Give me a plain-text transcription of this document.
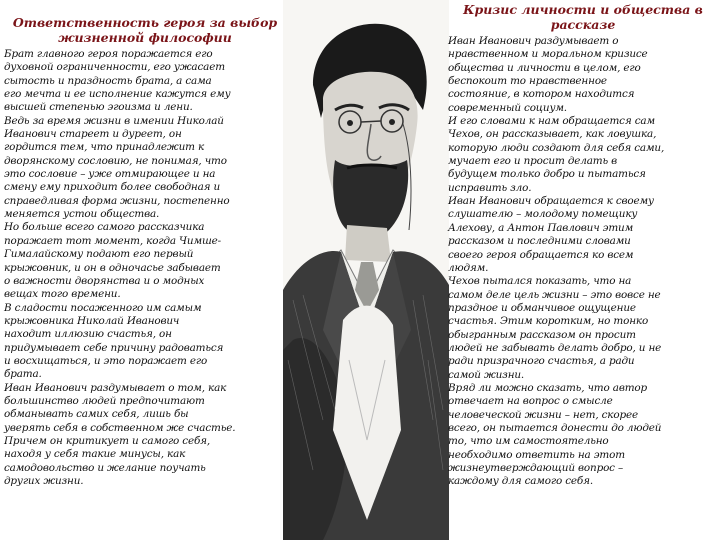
Ответственность героя за выбор
жизненной философии

Брат главного героя поражается его
духовной ограниченности, его ужасает
сытость и праздность брата, а сама
его мечта и ее исполнение кажутся ему
высшей степенью эгоизма и лени.
Ведь за время жизни в имении Николай
Иванович стареет и дуреет, он
гордится тем, что принадлежит к
дворянскому сословию, не понимая, что
это сословие – уже отмирающее и на
смену ему приходит более свободная и
справедливая форма жизни, постепенно
меняется устои общества.
Но больше всего самого рассказчика
поражает тот момент, когда Чимше-
Гималайскому подают его первый
крыжовник, и он в одночасье забывает
о важности дворянства и о модных
вещах того времени.
В сладости посаженного им самым
крыжовника Николай Иванович
находит иллюзию счастья, он
придумывает себе причину радоваться
и восхищаться, и это поражает его
брата.
Иван Иванович раздумывает о том, как
большинство людей предпочитают
обманывать самих себя, лишь бы
уверять себя в собственном же счастье.
Причем он критикует и самого себя,
находя у себя такие минусы, как
самодовольство и желание поучать
других жизни.

Кризис личности и общества в
рассказе

Иван Иванович раздумывает о
нравственном и моральном кризисе
общества и личности в целом, его
беспокоит то нравственное
состояние, в котором находится
современный социум.
И его словами к нам обращается сам
Чехов, он рассказывает, как ловушка,
которую люди создают для себя сами,
мучает его и просит делать в
будущем только добро и пытаться
исправить зло.
Иван Иванович обращается к своему
слушателю – молодому помещику
Алехову, а Антон Павлович этим
рассказом и последними словами
своего героя обращается ко всем
людям.
Чехов пытался показать, что на
самом деле цель жизни – это вовсе не
праздное и обманчивое ощущение
счастья. Этим коротким, но тонко
обыгранным рассказом он просит
людей не забывать делать добро, и не
ради призрачного счастья, а ради
самой жизни.
Вряд ли можно сказать, что автор
отвечает на вопрос о смысле
человеческой жизни – нет, скорее
всего, он пытается донести до людей
то, что им самостоятельно
необходимо ответить на этот
жизнеутверждающий вопрос –
каждому для самого себя.
